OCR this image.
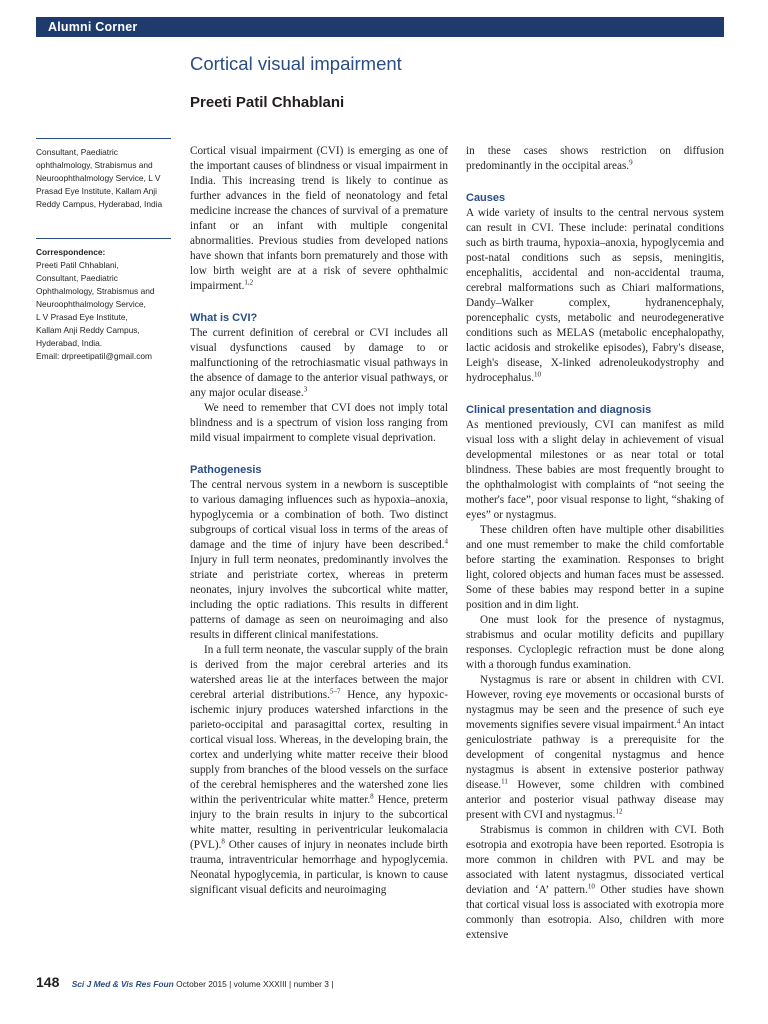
Alumni Corner
Cortical visual impairment
Preeti Patil Chhablani
Consultant, Paediatric ophthalmology, Strabismus and Neuroophthalmology Service, L V Prasad Eye Institute, Kallam Anji Reddy Campus, Hyderabad, India
Correspondence:
Preeti Patil Chhablani,
Consultant, Paediatric
Ophthalmology, Strabismus and
Neuroophthalmology Service,
L V Prasad Eye Institute,
Kallam Anji Reddy Campus,
Hyderabad, India.
Email: drpreetipatil@gmail.com

Cortical visual impairment (CVI) is emerging as one of the important causes of blindness or visual impairment in India. This increasing trend is likely to continue as further advances in the field of neonatology and fetal medicine increase the chances of survival of a premature infant or an infant with multiple congenital abnormalities. Previous studies from developed nations have shown that infants born prematurely and those with low birth weight are at a risk of severe ophthalmic impairment.$^{1,2}$

What is CVI?

The current definition of cerebral or CVI includes all visual dysfunctions caused by damage to or malfunctioning of the retrochiasmatic visual pathways in the absence of damage to the anterior visual pathways, or any major ocular disease.$^3$

We need to remember that CVI does not imply total blindness and is a spectrum of vision loss ranging from mild visual impairment to complete visual deprivation.

Pathogenesis

The central nervous system in a newborn is susceptible to various damaging influences such as hypoxia–anoxia, hypoglycemia or a combination of both. Two distinct subgroups of cortical visual loss in terms of the areas of damage and the time of injury have been described.$^4$ Injury in full term neonates, predominantly involves the striate and peristriate cortex, whereas in preterm neonates, injury involves the subcortical white matter, including the optic radiations. This results in different patterns of damage as seen on neuroimaging and also results in different clinical manifestations.

In a full term neonate, the vascular supply of the brain is derived from the major cerebral arteries and its watershed areas lie at the interfaces between the major cerebral arterial distributions.$^{5-7}$ Hence, any hypoxic-ischemic injury produces watershed infarctions in the parieto-occipital and parasagittal cortex, resulting in cortical visual loss. Whereas, in the developing brain, the cortex and underlying white matter receive their blood supply from branches of the blood vessels on the surface of the cerebral hemispheres and the watershed zone lies within the periventricular white matter.$^8$ Hence, preterm injury to the brain results in injury to the subcortical white matter, resulting in periventricular leukomalacia (PVL).$^8$ Other causes of injury in neonates include birth trauma, intraventricular hemorrhage and hypoglycemia. Neonatal hypoglycemia, in particular, is known to cause significant visual deficits and neuroimaging

in these cases shows restriction on diffusion predominantly in the occipital areas.$^9$

Causes

A wide variety of insults to the central nervous system can result in CVI. These include: perinatal conditions such as birth trauma, hypoxia–anoxia, hypoglycemia and post-natal conditions such as sepsis, meningitis, encephalitis, accidental and non-accidental trauma, cerebral malformations such as Chiari malformations, Dandy–Walker complex, hydranencephaly, porencephalic cysts, metabolic and neurodegenerative conditions such as MELAS (metabolic encephalopathy, lactic acidosis and strokelike episodes), Fabry's disease, Leigh's disease, X-linked adrenoleukodystrophy and hydrocephalus.$^{10}$

Clinical presentation and diagnosis

As mentioned previously, CVI can manifest as mild visual loss with a slight delay in achievement of visual developmental milestones or as near total or total blindness. These babies are most frequently brought to the ophthalmologist with complaints of “not seeing the mother's face”, poor visual response to light, “shaking of eyes” or nystagmus.

These children often have multiple other disabilities and one must remember to make the child comfortable before starting the examination. Responses to bright light, colored objects and human faces must be assessed. Some of these babies may respond better in a supine position and in dim light.

One must look for the presence of nystagmus, strabismus and ocular motility deficits and pupillary responses. Cycloplegic refraction must be done along with a thorough fundus examination.

Nystagmus is rare or absent in children with CVI. However, roving eye movements or occasional bursts of nystagmus may be seen and the presence of such eye movements signifies severe visual impairment.$^4$ An intact geniculostriate pathway is a prerequisite for the development of congenital nystagmus and hence nystagmus is absent in extensive posterior pathway disease.$^{11}$ However, some children with combined anterior and posterior visual pathway disease may present with CVI and nystagmus.$^{12}$

Strabismus is common in children with CVI. Both esotropia and exotropia have been reported. Esotropia is more common in children with PVL and may be associated with latent nystagmus, dissociated vertical deviation and ‘A’ pattern.$^{10}$ Other studies have shown that cortical visual loss is associated with exotropia more commonly than esotropia. Also, children with more extensive

148 Sci J Med & Vis Res Foun October 2015 | volume XXXIII | number 3 |
